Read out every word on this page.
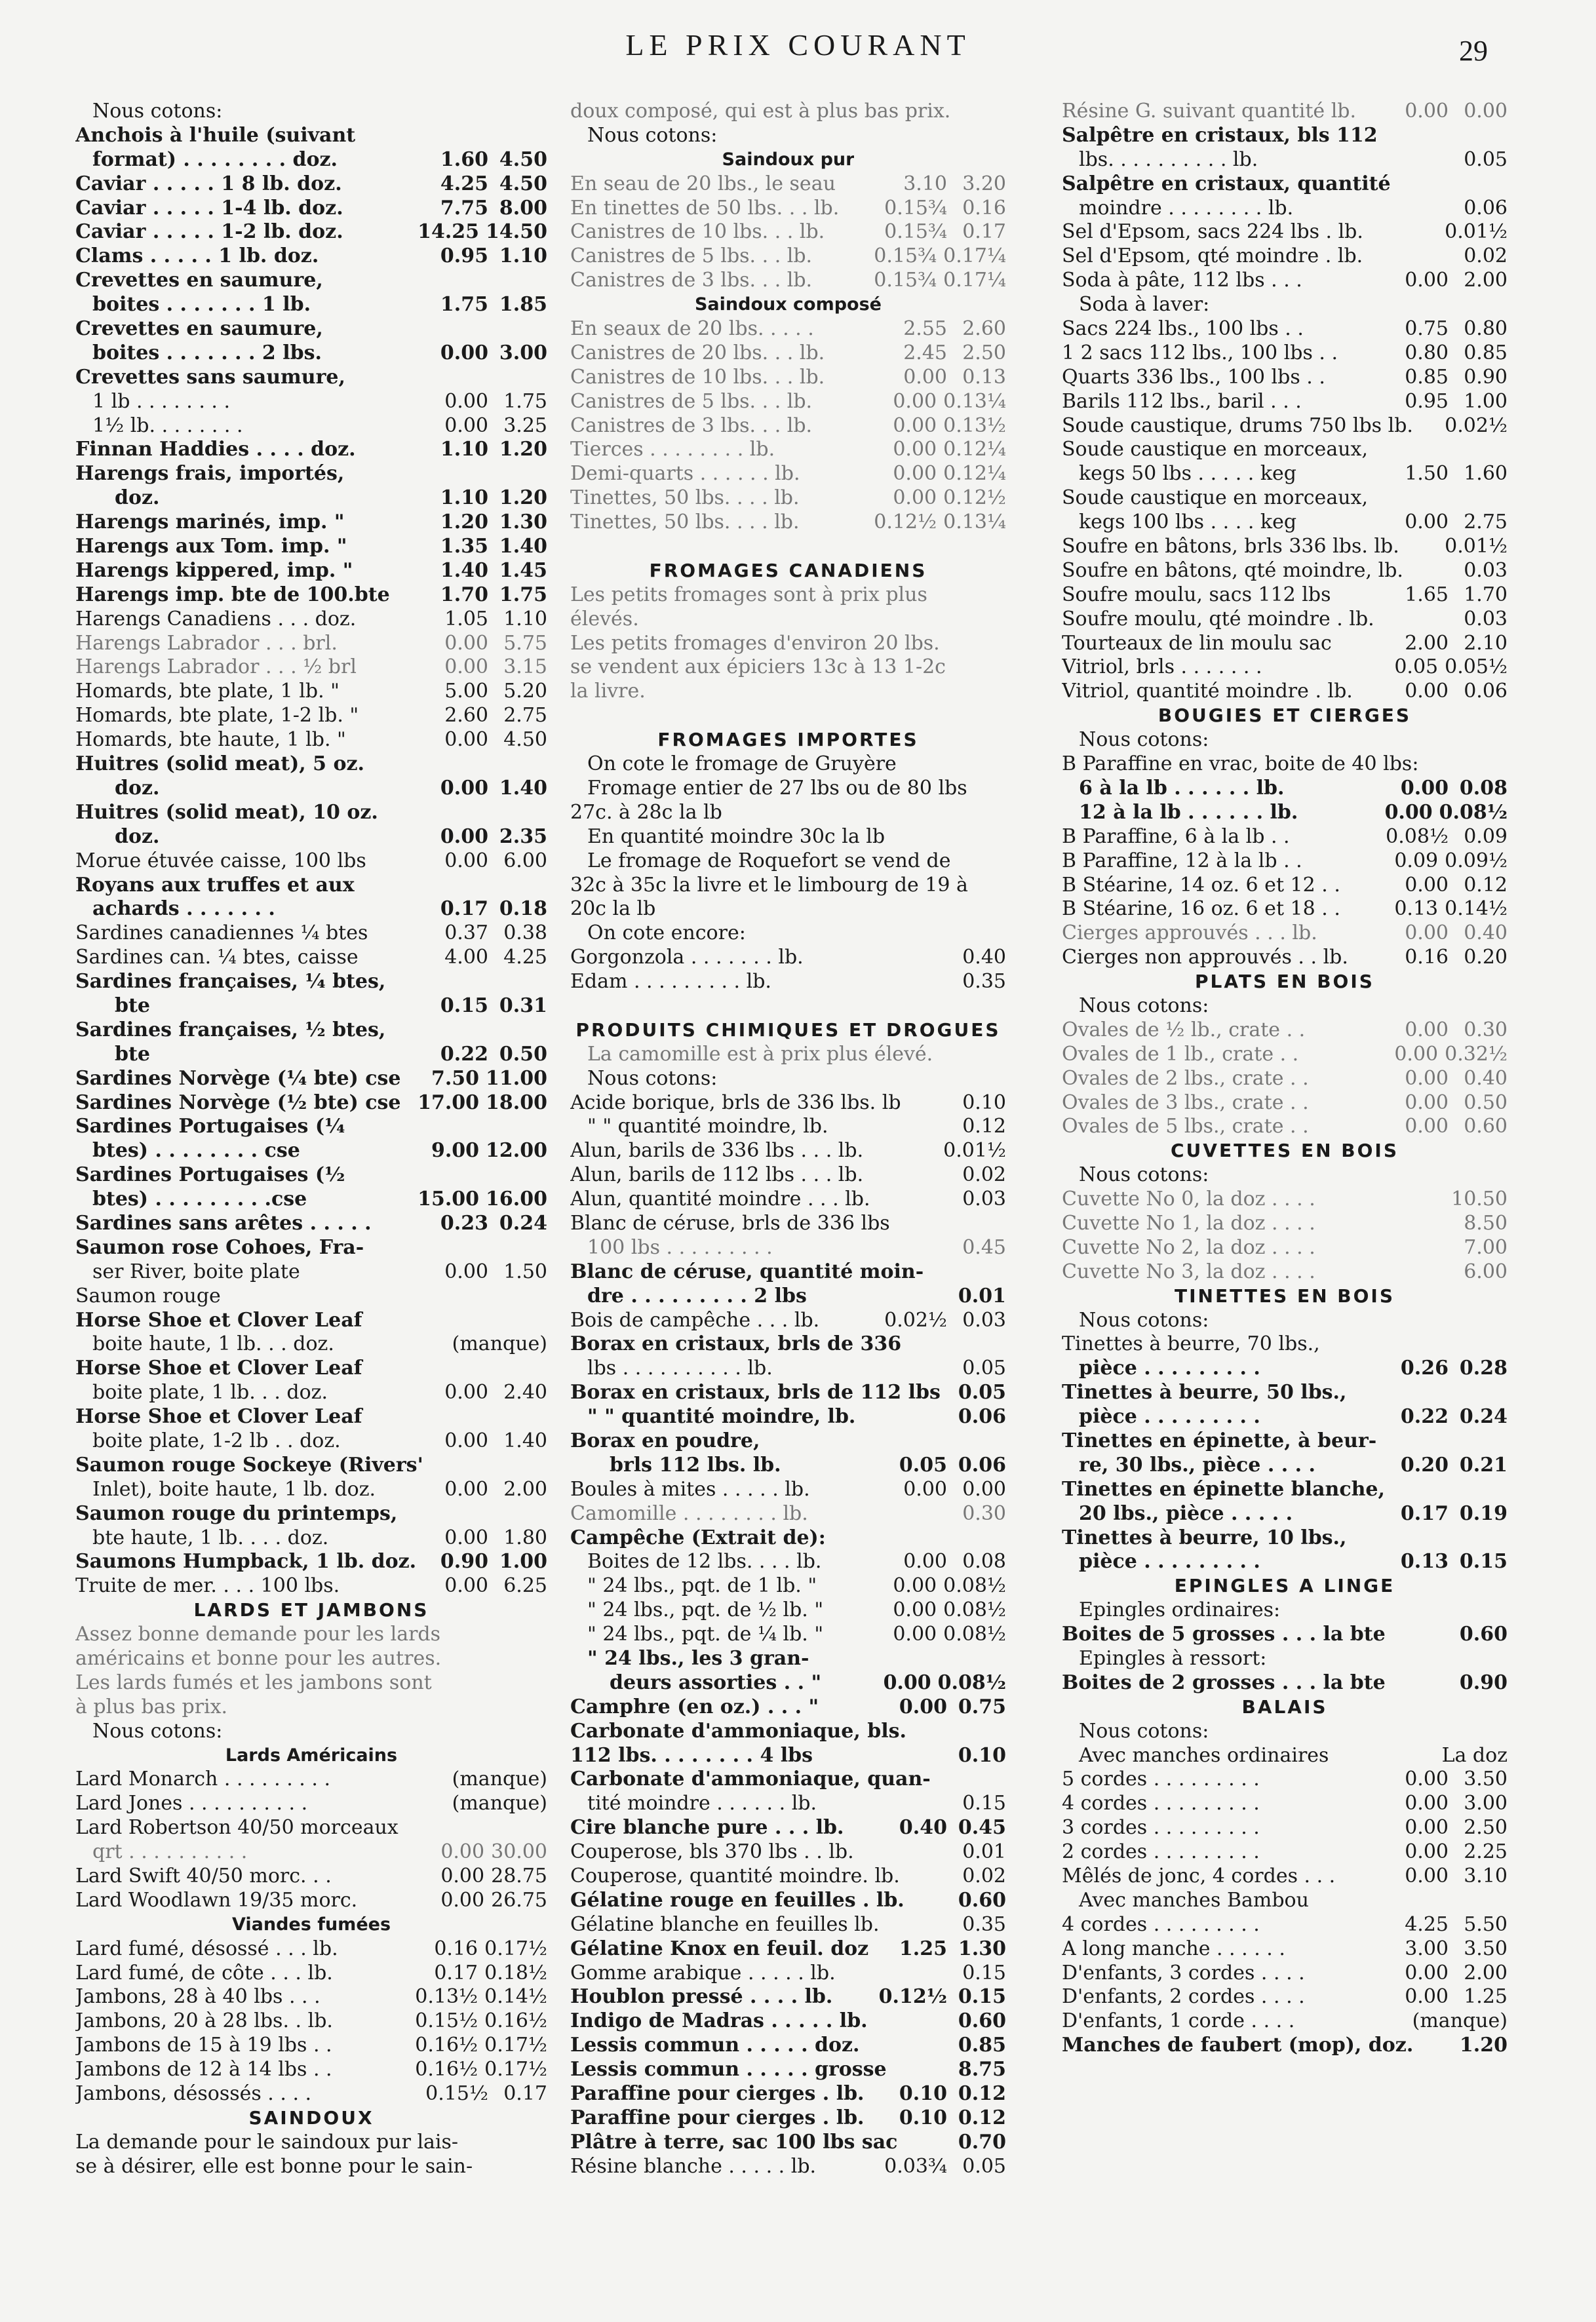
LE PRIX COURANT	29
Nous cotons:
Anchois à l'huile (suivant
format) . . . . . . . . doz.	1.60 4.50
Caviar . . . . . 1 8 lb. doz.	4.25 4.50
Caviar . . . . . 1-4 lb. doz.	7.75 8.00
Caviar . . . . . 1-2 lb. doz.	14.25 14.50
Clams . . . . . 1 lb. doz.	0.95 1.10
Crevettes en saumure,
boites . . . . . . . 1 lb.	1.75 1.85
Crevettes en saumure,
boites . . . . . . . 2 lbs.	0.00 3.00
Crevettes sans saumure,
1 lb . . . . . . . .	0.00 1.75
1½ lb. . . . . . . .	0.00 3.25
Finnan Haddies . . . . doz.	1.10 1.20
Harengs frais, importés,
doz.	1.10 1.20
Harengs marinés, imp. "	1.20 1.30
Harengs aux Tom. imp. "	1.35 1.40
Harengs kippered, imp. "	1.40 1.45
Harengs imp. bte de 100.bte	1.70 1.75
Harengs Canadiens . . . doz.	1.05 1.10
Harengs Labrador . . . brl.	0.00 5.75
Harengs Labrador . . . ½ brl	0.00 3.15
Homards, bte plate, 1 lb. "	5.00 5.20
Homards, bte plate, 1-2 lb. "	2.60 2.75
Homards, bte haute, 1 lb. "	0.00 4.50
Huitres (solid meat), 5 oz.
doz.	0.00 1.40
Huitres (solid meat), 10 oz.
doz.	0.00 2.35
Morue étuvée caisse, 100 lbs	0.00 6.00
Royans aux truffes et aux
achards . . . . . . .	0.17 0.18
Sardines canadiennes ¼ btes	0.37 0.38
Sardines can. ¼ btes, caisse	4.00 4.25
Sardines françaises, ¼ btes,
bte	0.15 0.31
Sardines françaises, ½ btes,
bte	0.22 0.50
Sardines Norvège (¼ bte) cse	7.50 11.00
Sardines Norvège (½ bte) cse 17.00 18.00
Sardines Portugaises (¼
btes) . . . . . . . . cse	9.00 12.00
Sardines Portugaises (½
btes) . . . . . . . . .cse	15.00 16.00
Sardines sans arêtes . . . . .	0.23 0.24
Saumon rose Cohoes, Fra-
ser River, boite plate	0.00 1.50
Saumon rouge
Horse Shoe et Clover Leaf
boite haute, 1 lb. . . doz.	(manque)
Horse Shoe et Clover Leaf
boite plate, 1 lb. . . doz.	0.00 2.40
Horse Shoe et Clover Leaf
boite plate, 1-2 lb . . doz.	0.00 1.40
Saumon rouge Sockeye (Rivers'
Inlet), boite haute, 1 lb. doz.	0.00 2.00
Saumon rouge du printemps,
bte haute, 1 lb. . . . doz.	0.00 1.80
Saumons Humpback, 1 lb. doz.	0.90 1.00
Truite de mer. . . . 100 lbs.	0.00 6.25
LARDS ET JAMBONS
Assez bonne demande pour les lards
américains et bonne pour les autres.
Les lards fumés et les jambons sont
à plus bas prix.
Nous cotons:
Lards Américains
Lard Monarch . . . . . . . . .	(manque)
Lard Jones . . . . . . . . . .	(manque)
Lard Robertson 40/50 morceaux
qrt . . . . . . . . . .	0.00 30.00
Lard Swift 40/50 morc. . .	0.00 28.75
Lard Woodlawn 19/35 morc.	0.00 26.75
Viandes fumées
Lard fumé, désossé . . . lb.	0.16 0.17½
Lard fumé, de côte . . . lb.	0.17 0.18½
Jambons, 28 à 40 lbs . . .	0.13½ 0.14½
Jambons, 20 à 28 lbs. . lb.	0.15½ 0.16½
Jambons de 15 à 19 lbs . .	0.16½ 0.17½
Jambons de 12 à 14 lbs . .	0.16½ 0.17½
Jambons, désossés . . . .	0.15½ 0.17
SAINDOUX
La demande pour le saindoux pur lais-
se à désirer, elle est bonne pour le sain-
doux composé, qui est à plus bas prix.
Nous cotons:
Saindoux pur
En seau de 20 lbs., le seau	3.10 3.20
En tinettes de 50 lbs. . . lb.	0.15¾ 0.16
Canistres de 10 lbs. . . lb.	0.15¾ 0.17
Canistres de 5 lbs. . . lb.	0.15¾ 0.17¼
Canistres de 3 lbs. . . lb.	0.15¾ 0.17¼
Saindoux composé
En seaux de 20 lbs. . . . .	2.55 2.60
Canistres de 20 lbs. . . lb.	2.45 2.50
Canistres de 10 lbs. . . lb.	0.00 0.13
Canistres de 5 lbs. . . lb.	0.00 0.13¼
Canistres de 3 lbs. . . lb.	0.00 0.13½
Tierces . . . . . . . . lb.	0.00 0.12¼
Demi-quarts . . . . . . lb.	0.00 0.12¼
Tinettes, 50 lbs. . . . lb.	0.00 0.12½
Tinettes, 50 lbs. . . . lb.	0.12½ 0.13¼
FROMAGES CANADIENS
Les petits fromages sont à prix plus
élevés.
Les petits fromages d'environ 20 lbs.
se vendent aux épiciers 13c à 13 1-2c
la livre.
FROMAGES IMPORTES
On cote le fromage de Gruyère
Fromage entier de 27 lbs ou de 80 lbs
27c. à 28c la lb
En quantité moindre 30c la lb
Le fromage de Roquefort se vend de
32c à 35c la livre et le limbourg de 19 à
20c la lb
On cote encore:
Gorgonzola . . . . . . . lb.	0.40
Edam . . . . . . . . . lb.	0.35
PRODUITS CHIMIQUES ET DROGUES
La camomille est à prix plus élevé.
Nous cotons:
Acide borique, brls de 336 lbs. lb	0.10
" " quantité moindre, lb.	0.12
Alun, barils de 336 lbs . . . lb.	0.01½
Alun, barils de 112 lbs . . . lb.	0.02
Alun, quantité moindre . . . lb.	0.03
Blanc de céruse, brls de 336 lbs
100 lbs . . . . . . . . .	0.45
Blanc de céruse, quantité moin-
dre . . . . . . . . . 2 lbs	0.01
Bois de campêche . . . lb.	0.02½ 0.03
Borax en cristaux, brls de 336
lbs . . . . . . . . . . lb.	0.05
Borax en cristaux, brls de 112 lbs 0.05
" " quantité moindre, lb.	0.06
Borax en poudre,
brls 112 lbs. lb.	0.05 0.06
Boules à mites . . . . . lb.	0.00 0.00
Camomille . . . . . . . . lb.	0.30
Campêche (Extrait de):
Boites de 12 lbs. . . . lb.	0.00 0.08
" 24 lbs., pqt. de 1 lb. "	0.00 0.08½
" 24 lbs., pqt. de ½ lb. "	0.00 0.08½
" 24 lbs., pqt. de ¼ lb. "	0.00 0.08½
" 24 lbs., les 3 gran-
deurs assorties . . "	0.00 0.08½
Camphre (en oz.) . . . "	0.00 0.75
Carbonate d'ammoniaque, bls.
112 lbs. . . . . . . . 4 lbs	0.10
Carbonate d'ammoniaque, quan-
tité moindre . . . . . . lb.	0.15
Cire blanche pure . . . lb.	0.40 0.45
Couperose, bls 370 lbs . . lb.	0.01
Couperose, quantité moindre. lb.	0.02
Gélatine rouge en feuilles . lb.	0.60
Gélatine blanche en feuilles lb.	0.35
Gélatine Knox en feuil. doz	1.25 1.30
Gomme arabique . . . . . lb.	0.15
Houblon pressé . . . . lb.	0.12½ 0.15
Indigo de Madras . . . . . lb.	0.60
Lessis commun . . . . . doz.	0.85
Lessis commun . . . . . grosse	8.75
Paraffine pour cierges . lb.	0.10 0.12
Paraffine pour cierges . lb.	0.10 0.12
Plâtre à terre, sac 100 lbs sac	0.70
Résine blanche . . . . . lb.	0.03¾ 0.05
Résine G. suivant quantité lb.	0.00 0.00
Salpêtre en cristaux, bls 112
lbs. . . . . . . . . . lb.	0.05
Salpêtre en cristaux, quantité
moindre . . . . . . . . lb.	0.06
Sel d'Epsom, sacs 224 lbs . lb.	0.01½
Sel d'Epsom, qté moindre . lb.	0.02
Soda à pâte, 112 lbs . . .	0.00 2.00
Soda à laver:
Sacs 224 lbs., 100 lbs . .	0.75 0.80
1 2 sacs 112 lbs., 100 lbs . .	0.80 0.85
Quarts 336 lbs., 100 lbs . .	0.85 0.90
Barils 112 lbs., baril . . .	0.95 1.00
Soude caustique, drums 750 lbs lb.	0.02½
Soude caustique en morceaux,
kegs 50 lbs . . . . . keg	1.50 1.60
Soude caustique en morceaux,
kegs 100 lbs . . . . keg	0.00 2.75
Soufre en bâtons, brls 336 lbs. lb.	0.01½
Soufre en bâtons, qté moindre, lb.	0.03
Soufre moulu, sacs 112 lbs	1.65 1.70
Soufre moulu, qté moindre . lb.	0.03
Tourteaux de lin moulu sac	2.00 2.10
Vitriol, brls . . . . . . .	0.05 0.05½
Vitriol, quantité moindre . lb.	0.00 0.06
BOUGIES ET CIERGES
Nous cotons:
B Paraffine en vrac, boite de 40 lbs:
6 à la lb . . . . . . lb.	0.00 0.08
12 à la lb . . . . . . lb.	0.00 0.08½
B Paraffine, 6 à la lb . .	0.08½ 0.09
B Paraffine, 12 à la lb . .	0.09 0.09½
B Stéarine, 14 oz. 6 et 12 . .	0.00 0.12
B Stéarine, 16 oz. 6 et 18 . .	0.13 0.14½
Cierges approuvés . . . lb.	0.00 0.40
Cierges non approuvés . . lb.	0.16 0.20
PLATS EN BOIS
Nous cotons:
Ovales de ½ lb., crate . .	0.00 0.30
Ovales de 1 lb., crate . .	0.00 0.32½
Ovales de 2 lbs., crate . .	0.00 0.40
Ovales de 3 lbs., crate . .	0.00 0.50
Ovales de 5 lbs., crate . .	0.00 0.60
CUVETTES EN BOIS
Nous cotons:
Cuvette No 0, la doz . . . .	10.50
Cuvette No 1, la doz . . . .	8.50
Cuvette No 2, la doz . . . .	7.00
Cuvette No 3, la doz . . . .	6.00
TINETTES EN BOIS
Nous cotons:
Tinettes à beurre, 70 lbs.,
pièce . . . . . . . . .	0.26 0.28
Tinettes à beurre, 50 lbs.,
pièce . . . . . . . . .	0.22 0.24
Tinettes en épinette, à beur-
re, 30 lbs., pièce . . . .	0.20 0.21
Tinettes en épinette blanche,
20 lbs., pièce . . . . .	0.17 0.19
Tinettes à beurre, 10 lbs.,
pièce . . . . . . . . .	0.13 0.15
EPINGLES A LINGE
Epingles ordinaires:
Boites de 5 grosses . . . la bte	0.60
Epingles à ressort:
Boites de 2 grosses . . . la bte	0.90
BALAIS
Nous cotons:
Avec manches ordinaires	La doz
5 cordes . . . . . . . . .	0.00 3.50
4 cordes . . . . . . . . .	0.00 3.00
3 cordes . . . . . . . . .	0.00 2.50
2 cordes . . . . . . . . .	0.00 2.25
Mêlés de jonc, 4 cordes . . .	0.00 3.10
Avec manches Bambou
4 cordes . . . . . . . . .	4.25 5.50
A long manche . . . . . .	3.00 3.50
D'enfants, 3 cordes . . . .	0.00 2.00
D'enfants, 2 cordes . . . .	0.00 1.25
D'enfants, 1 corde . . . .	(manque)
Manches de faubert (mop), doz.	1.20
